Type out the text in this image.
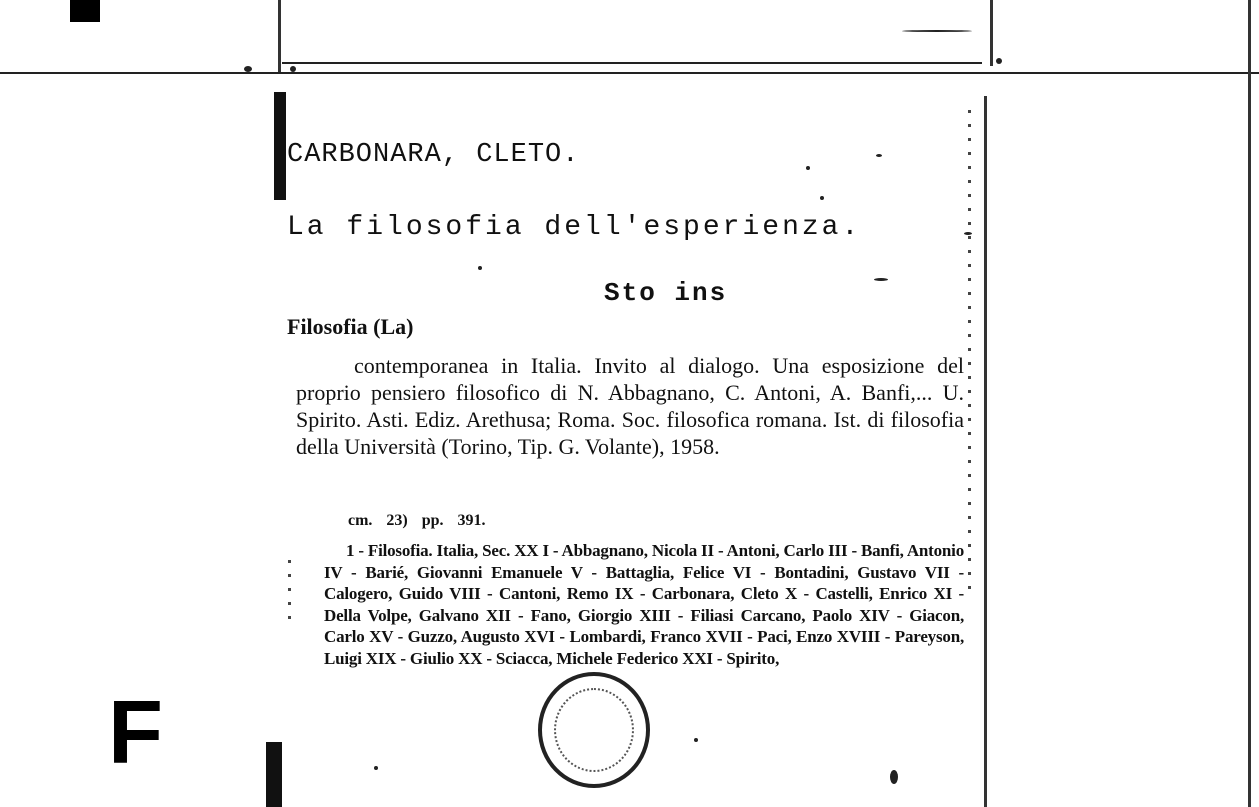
F
CARBONARA, CLETO.
La filosofia dell'esperienza.
Sto ins
Filosofia (La)
contemporanea in Italia. Invito al dialogo. Una esposizione del proprio pensiero filosofico di N. Abbagnano, C. Antoni, A. Banfi,... U. Spirito. Asti. Ediz. Arethusa; Roma. Soc. filosofica romana. Ist. di filosofia della Università (Torino, Tip. G. Volante), 1958.
cm. 23) pp. 391.
1 - Filosofia. Italia, Sec. XX I - Abbagnano, Nicola II - Antoni, Carlo III - Banfi, Antonio IV - Barié, Giovanni Emanuele V - Battaglia, Felice VI - Bontadini, Gustavo VII - Calogero, Guido VIII - Cantoni, Remo IX - Carbonara, Cleto X - Castelli, Enrico XI - Della Volpe, Galvano XII - Fano, Giorgio XIII - Filiasi Carcano, Paolo XIV - Giacon, Carlo XV - Guzzo, Augusto XVI - Lombardi, Franco XVII - Paci, Enzo XVIII - Pareyson, Luigi XIX - Giulio XX - Sciacca, Michele Federico XXI - Spirito,
